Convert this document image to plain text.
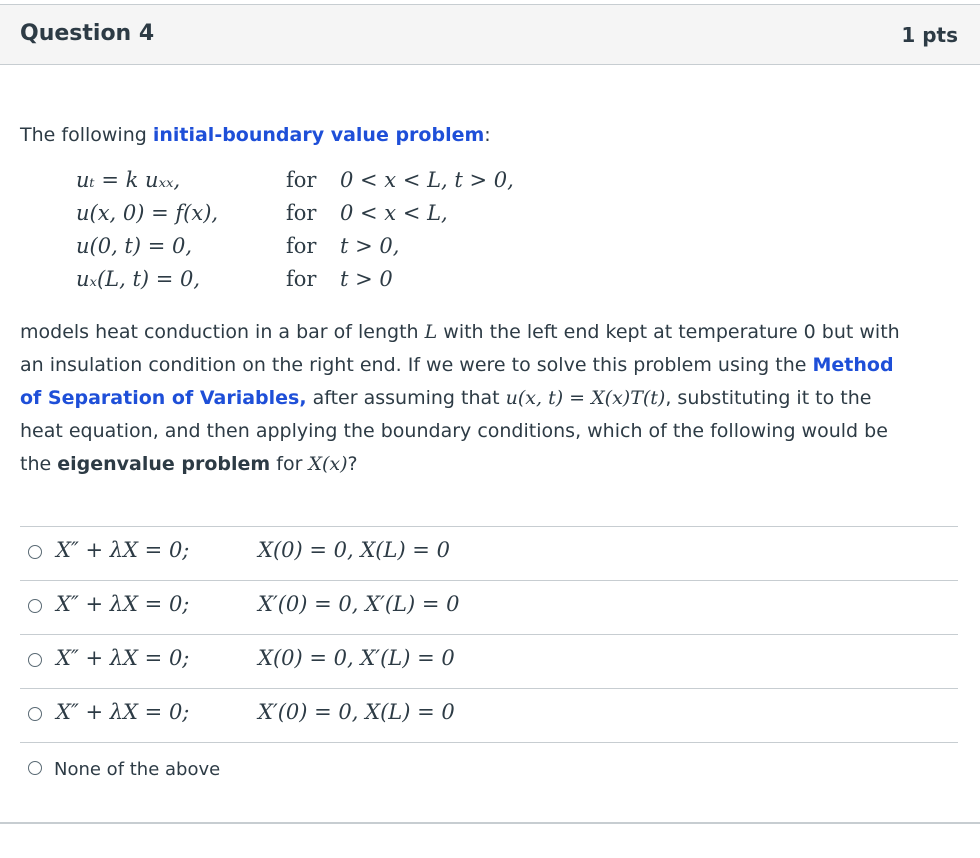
Question 4	1 pts
The following initial-boundary value problem:
uₜ = k uₓₓ,	for 0 < x < L, t > 0,
u(x, 0) = f(x),	for 0 < x < L,
u(0, t) = 0,	for t > 0,
uₓ(L, t) = 0,	for t > 0
models heat conduction in a bar of length L with the left end kept at temperature 0 but with an insulation condition on the right end. If we were to solve this problem using the Method of Separation of Variables, after assuming that u(x, t) = X(x)T(t), substituting it to the heat equation, and then applying the boundary conditions, which of the following would be the eigenvalue problem for X(x)?
X″ + λX = 0;	X(0) = 0, X(L) = 0
X″ + λX = 0;	X′(0) = 0, X′(L) = 0
X″ + λX = 0;	X(0) = 0, X′(L) = 0
X″ + λX = 0;	X′(0) = 0, X(L) = 0
None of the above
